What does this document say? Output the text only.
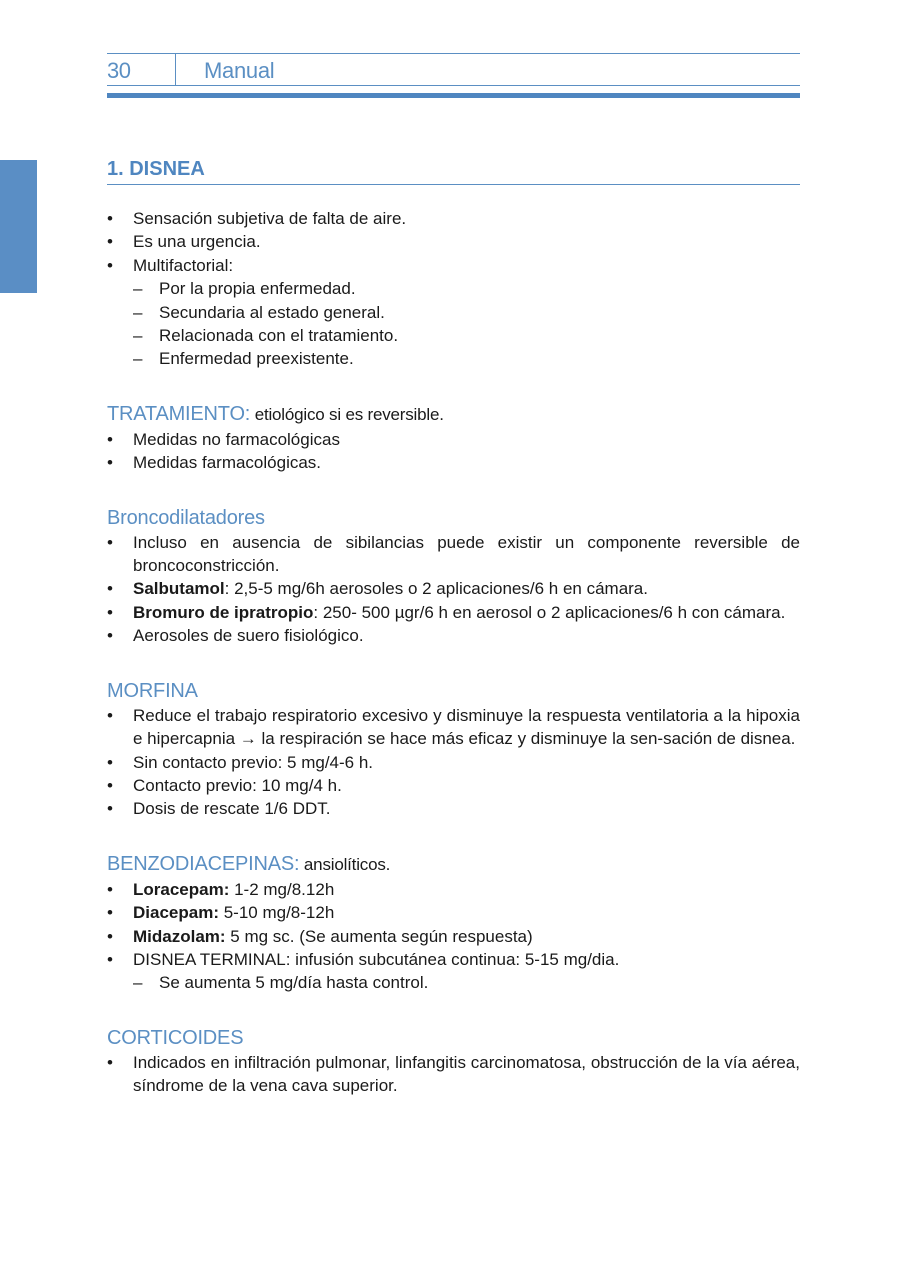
30	Manual
1. DISNEA
• Sensación subjetiva de falta de aire.
• Es una urgencia.
• Multifactorial:
– Por la propia enfermedad.
– Secundaria al estado general.
– Relacionada con el tratamiento.
– Enfermedad preexistente.
TRATAMIENTO: etiológico si es reversible.
• Medidas no farmacológicas
• Medidas farmacológicas.
Broncodilatadores
• Incluso en ausencia de sibilancias puede existir un componente reversible de broncoconstricción.
• Salbutamol: 2,5-5 mg/6h aerosoles o 2 aplicaciones/6 h en cámara.
• Bromuro de ipratropio: 250- 500 µgr/6 h en aerosol o 2 aplicaciones/6 h con cámara.
• Aerosoles de suero fisiológico.
MORFINA
• Reduce el trabajo respiratorio excesivo y disminuye la respuesta ventilatoria a la hipoxia e hipercapnia → la respiración se hace más eficaz y disminuye la sen-sación de disnea.
• Sin contacto previo: 5 mg/4-6 h.
• Contacto previo: 10 mg/4 h.
• Dosis de rescate 1/6 DDT.
BENZODIACEPINAS: ansiolíticos.
• Loracepam: 1-2 mg/8.12h
• Diacepam: 5-10 mg/8-12h
• Midazolam: 5 mg sc. (Se aumenta según respuesta)
• DISNEA TERMINAL: infusión subcutánea continua: 5-15 mg/dia.
– Se aumenta 5 mg/día hasta control.
CORTICOIDES
• Indicados en infiltración pulmonar, linfangitis carcinomatosa, obstrucción de la vía aérea, síndrome de la vena cava superior.
